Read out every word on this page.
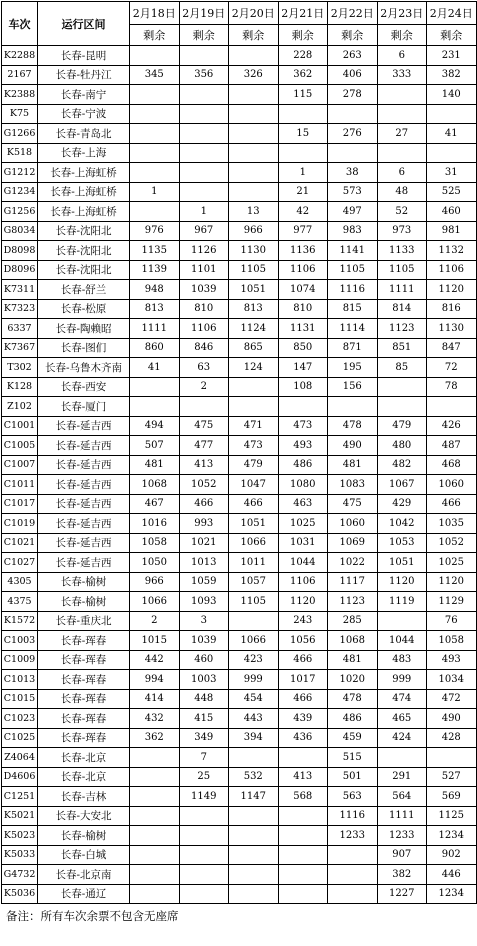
车次	运行区间	2月18日	2月19日	2月20日	2月21日	2月22日	2月23日	2月24日
		剩余	剩余	剩余	剩余	剩余	剩余	剩余
K2288	长春-昆明				228	263	6	231
2167	长春-牡丹江	345	356	326	362	406	333	382
K2388	长春-南宁				115	278		140
K75	长春-宁波							
G1266	长春-青岛北				15	276	27	41
K518	长春-上海							
G1212	长春-上海虹桥				1	38	6	31
G1234	长春-上海虹桥	1			21	573	48	525
G1256	长春-上海虹桥		1	13	42	497	52	460
G8034	长春-沈阳北	976	967	966	977	983	973	981
D8098	长春-沈阳北	1135	1126	1130	1136	1141	1133	1132
D8096	长春-沈阳北	1139	1101	1105	1106	1105	1105	1106
K7311	长春-舒兰	948	1039	1051	1074	1116	1111	1120
K7323	长春-松原	813	810	813	810	815	814	816
6337	长春-陶赖昭	1111	1106	1124	1131	1114	1123	1130
K7367	长春-图们	860	846	865	850	871	851	847
T302	长春-乌鲁木齐南	41	63	124	147	195	85	72
K128	长春-西安		2		108	156		78
Z102	长春-厦门							
C1001	长春-延吉西	494	475	471	473	478	479	426
C1005	长春-延吉西	507	477	473	493	490	480	487
C1007	长春-延吉西	481	413	479	486	481	482	468
C1011	长春-延吉西	1068	1052	1047	1080	1083	1067	1060
C1017	长春-延吉西	467	466	466	463	475	429	466
C1019	长春-延吉西	1016	993	1051	1025	1060	1042	1035
C1021	长春-延吉西	1058	1021	1066	1031	1069	1053	1052
C1027	长春-延吉西	1050	1013	1011	1044	1022	1051	1025
4305	长春-榆树	966	1059	1057	1106	1117	1120	1120
4375	长春-榆树	1066	1093	1105	1120	1123	1119	1129
K1572	长春-重庆北	2	3		243	285		76
C1003	长春-珲春	1015	1039	1066	1056	1068	1044	1058
C1009	长春-珲春	442	460	423	466	481	483	493
C1013	长春-珲春	994	1003	999	1017	1020	999	1034
C1015	长春-珲春	414	448	454	466	478	474	472
C1023	长春-珲春	432	415	443	439	486	465	490
C1025	长春-珲春	362	349	394	436	459	424	428
Z4064	长春-北京		7			515		
D4606	长春-北京		25	532	413	501	291	527
C1251	长春-吉林		1149	1147	568	563	564	569
K5021	长春-大安北					1116	1111	1125
K5023	长春-榆树					1233	1233	1234
K5033	长春-白城						907	902
G4732	长春-北京南						382	446
K5036	长春-通辽						1227	1234
备注：所有车次余票不包含无座席
